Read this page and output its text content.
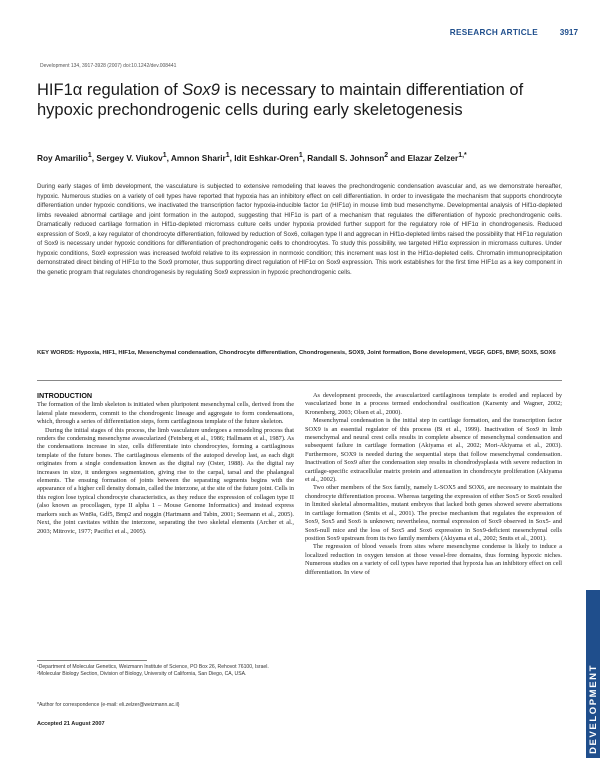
RESEARCH ARTICLE	3917
Development 134, 3917-3928 (2007) doi:10.1242/dev.008441
HIF1α regulation of Sox9 is necessary to maintain differentiation of hypoxic prechondrogenic cells during early skeletogenesis
Roy Amarilio$^1$, Sergey V. Viukov$^1$, Amnon Sharir$^1$, Idit Eshkar-Oren$^1$, Randall S. Johnson$^2$ and Elazar Zelzer$^{1,*}$

During early stages of limb development, the vasculature is subjected to extensive remodeling that leaves the prechondrogenic condensation avascular and, as we demonstrate hereafter, hypoxic. Numerous studies on a variety of cell types have reported that hypoxia has an inhibitory effect on cell differentiation. In order to investigate the mechanism that supports chondrocyte differentiation under hypoxic conditions, we inactivated the transcription factor hypoxia-inducible factor 1α (HIF1α) in mouse limb bud mesenchyme. Developmental analysis of Hif1α-depleted limbs revealed abnormal cartilage and joint formation in the autopod, suggesting that HIF1α is part of a mechanism that regulates the differentiation of hypoxic prechondrogenic cells. Dramatically reduced cartilage formation in Hif1α-depleted micromass culture cells under hypoxia provided further support for the regulatory role of HIF1α in chondrogenesis. Reduced expression of Sox9, a key regulator of chondrocyte differentiation, followed by reduction of Sox6, collagen type II and aggrecan in Hif1α-depleted limbs raised the possibility that HIF1α regulation of Sox9 is necessary under hypoxic conditions for differentiation of prechondrogenic cells to chondrocytes. To study this possibility, we targeted Hif1α expression in micromass cultures. Under hypoxic conditions, Sox9 expression was increased twofold relative to its expression in normoxic condition; this increment was lost in the Hif1α-depleted cells. Chromatin immunoprecipitation demonstrated direct binding of HIF1α to the Sox9 promoter, thus supporting direct regulation of HIF1α on Sox9 expression. This work establishes for the first time HIF1α as a key component in the genetic program that regulates chondrogenesis by regulating Sox9 expression in hypoxic prechondrogenic cells.

KEY WORDS: Hypoxia, HIF1, HIF1α, Mesenchymal condensation, Chondrocyte differentiation, Chondrogenesis, SOX9, Joint formation, Bone development, VEGF, GDF5, BMP, SOX5, SOX6

INTRODUCTION

The formation of the limb skeleton is initiated when pluripotent mesenchymal cells, derived from the lateral plate mesoderm, commit to the chondrogenic lineage and aggregate to form condensations, which, through a series of differentiation steps, form cartilaginous template of the future skeleton.

During the initial stages of this process, the limb vasculature undergoes a remodeling process that renders the condensing mesenchyme avascularized (Feinberg et al., 1986; Hallmann et al., 1987). As the condensations increase in size, cells differentiate into chondrocytes, forming a cartilaginous template of the future bones. The cartilaginous elements of the autopod develop last, as each digit originates from a single condensation known as the digital ray (Oster, 1988). As the digital ray increases in size, it undergoes segmentation, giving rise to the carpal, tarsal and the phalangeal elements. The ensuing formation of joints between the separating segments begins with the appearance of a higher cell density domain, called the interzone, at the site of the future joint. Cells in this region lose typical chondrocyte characteristics, as they reduce the expression of collagen type II (also known as procollagen, type II alpha 1 – Mouse Genome Informatics) and instead express markers such as Wnt9a, Gdf5, Bmp2 and noggin (Hartmann and Tabin, 2001; Seemann et al., 2005). Next, the joint cavitates within the interzone, separating the two skeletal elements (Archer et al., 2003; Mitrovic, 1977; Pacifici et al., 2005).

As development proceeds, the avascularized cartilaginous template is eroded and replaced by vascularized bone in a process termed endochondral ossification (Karsenty and Wagner, 2002; Kronenberg, 2003; Olsen et al., 2000).

Mesenchymal condensation is the initial step in cartilage formation, and the transcription factor SOX9 is an essential regulator of this process (Bi et al., 1999). Inactivation of Sox9 in limb mesenchymal and neural crest cells results in complete absence of mesenchymal condensation and subsequent failure in cartilage formation (Akiyama et al., 2002; Mori-Akiyama et al., 2003). Furthermore, SOX9 is needed during the sequential steps that follow mesenchymal condensation. Inactivation of Sox9 after the condensation step results in chondrodysplasia with severe reduction in cartilage-specific extracellular matrix protein and attenuation in chondrocyte proliferation (Akiyama et al., 2002).

Two other members of the Sox family, namely L-SOX5 and SOX6, are necessary to maintain the chondrocyte differentiation process. Whereas targeting the expression of either Sox5 or Sox6 resulted in limited skeletal abnormalities, mutant embryos that lacked both genes showed severe aberrations in cartilage formation (Smits et al., 2001). The precise mechanism that regulates the expression of Sox9, Sox5 and Sox6 is unknown; nevertheless, normal expression of Sox9 observed in Sox5- and Sox6-null mice and the loss of Sox5 and Sox6 expression in Sox9-deficient mesenchymal cells position Sox9 upstream from its two family members (Akiyama et al., 2002; Smits et al., 2001).

The regression of blood vessels from sites where mesenchyme condense is likely to induce a localized reduction in oxygen tension at those vessel-free domains, thus forming hypoxic niches. Numerous studies on a variety of cell types have reported that hypoxia has an inhibitory effect on cell differentiation. In view of

¹Department of Molecular Genetics, Weizmann Institute of Science, PO Box 26, Rehovot 76100, Israel. ²Molecular Biology Section, Division of Biology, University of California, San Diego, CA, USA.

*Author for correspondence (e-mail: eli.zelzer@weizmann.ac.il)
Accepted 21 August 2007	DEVELOPMENT
